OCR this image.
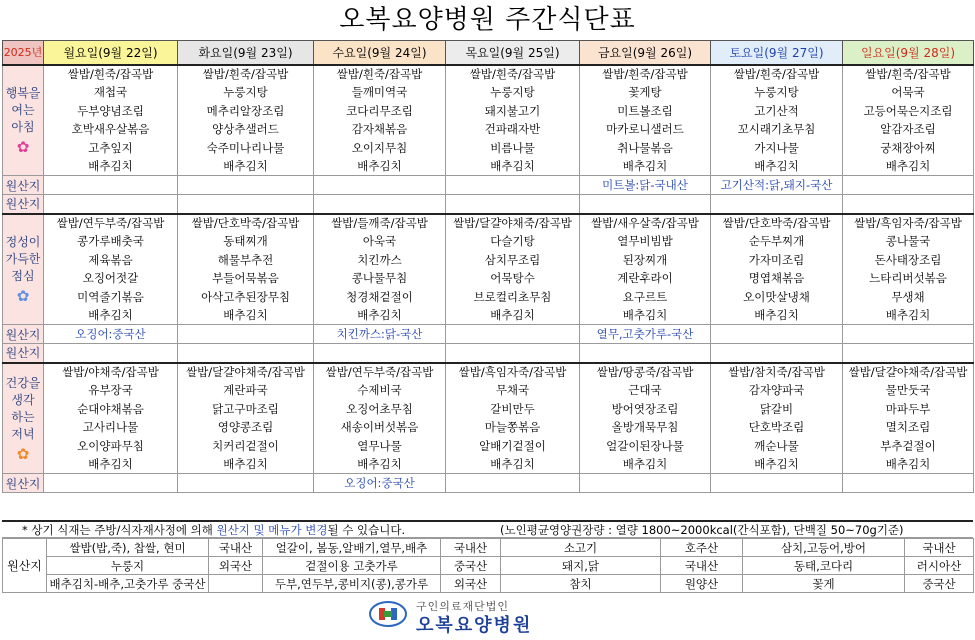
오복요양병원 주간식단표
2025년	월요일(9월 22일)	화요일(9월 23일)	수요일(9월 24일)	목요일(9월 25일)	금요일(9월 26일)	토요일(9월 27일)	일요일(9월 28일)

행복을
여는
아침
✿	쌀밥/흰죽/잡곡밥	쌀밥/흰죽/잡곡밥	쌀밥/흰죽/잡곡밥	쌀밥/흰죽/잡곡밥	쌀밥/흰죽/잡곡밥	쌀밥/흰죽/잡곡밥	쌀밥/흰죽/잡곡밥
	재첩국	누룽지탕	들깨미역국	누룽지탕	꽃게탕	누룽지탕	어묵국
	두부양념조림	메추리알장조림	코다리무조림	돼지불고기	미트볼조림	고기산적	고등어묵은지조림
	호박새우살볶음	양상추샐러드	감자채볶음	건파래자반	마카로니샐러드	꼬시래기초무침	알감자조림
	고추잎지	숙주미나리나물	오이지무침	비름나물	취나물볶음	가지나물	궁채장아찌
	배추김치	배추김치	배추김치	배추김치	배추김치	배추김치	배추김치
원산지					미트볼:닭-국내산	고기산적:닭,돼지-국산	
원산지							

정성이
가득한
점심
✿	쌀밥/연두부죽/잡곡밥	쌀밥/단호박죽/잡곡밥	쌀밥/들깨죽/잡곡밥	쌀밥/달걀야채죽/잡곡밥	쌀밥/새우살죽/잡곡밥	쌀밥/단호박죽/잡곡밥	쌀밥/흑임자죽/잡곡밥
	콩가루배춧국	동태찌개	아욱국	다슬기탕	열무비빔밥	순두부찌개	콩나물국
	제육볶음	해물부추전	치킨까스	삼치무조림	된장찌개	가자미조림	돈사태장조림
	오징어젓갈	부들어묵볶음	콩나물무침	어묵탕수	계란후라이	명엽채볶음	느타리버섯볶음
	미역줄기볶음	아삭고추된장무침	청경채겉절이	브로컬리초무침	요구르트	오이맛살냉채	무생채
	배추김치	배추김치	배추김치	배추김치	배추김치	배추김치	배추김치
원산지	오징어:중국산		치킨까스:닭-국산		열무,고춧가루-국산		
원산지							

건강을
생각
하는
저녁
✿	쌀밥/야채죽/잡곡밥	쌀밥/달걀야채죽/잡곡밥	쌀밥/연두부죽/잡곡밥	쌀밥/흑임자죽/잡곡밥	쌀밥/땅콩죽/잡곡밥	쌀밥/참치죽/잡곡밥	쌀밥/달걀야채죽/잡곡밥
	유부장국	계란파국	수제비국	무채국	근대국	감자양파국	물만둣국
	순대야채볶음	닭고구마조림	오징어초무침	갈비만두	방어엿장조림	닭갈비	마파두부
	고사리나물	영양콩조림	새송이버섯볶음	마늘쫑볶음	올방개묵무침	단호박조림	멸치조림
	오이양파무침	치커리겉절이	열무나물	알배기겉절이	얼갈이된장나물	깨순나물	부추겉절이
	배추김치	배추김치	배추김치	배추김치	배추김치	배추김치	배추김치
원산지			오징어:중국산				
* 상기 식재는 주방/식자재사정에 의해 원산지 및 메뉴가 변경될 수 있습니다.	(노인평균영양권장량 : 열량 1800~2000kcal(간식포함), 단백질 50~70g기준)
원산지	쌀밥(밥,죽), 찹쌀, 현미	국내산	얼갈이, 봄동,알배기,열무,배추	국내산	소고기	호주산	삼치,고등어,방어	국내산
	누룽지	외국산	겉절이용 고춧가루	중국산	돼지,닭	국내산	동태,코다리	러시아산
	배추김치-배추,고춧가루 중국산		두부,연두부,콩비지(콩),콩가루	외국산	참치	원양산	꽃게	중국산
구인의료재단법인
오복요양병원
